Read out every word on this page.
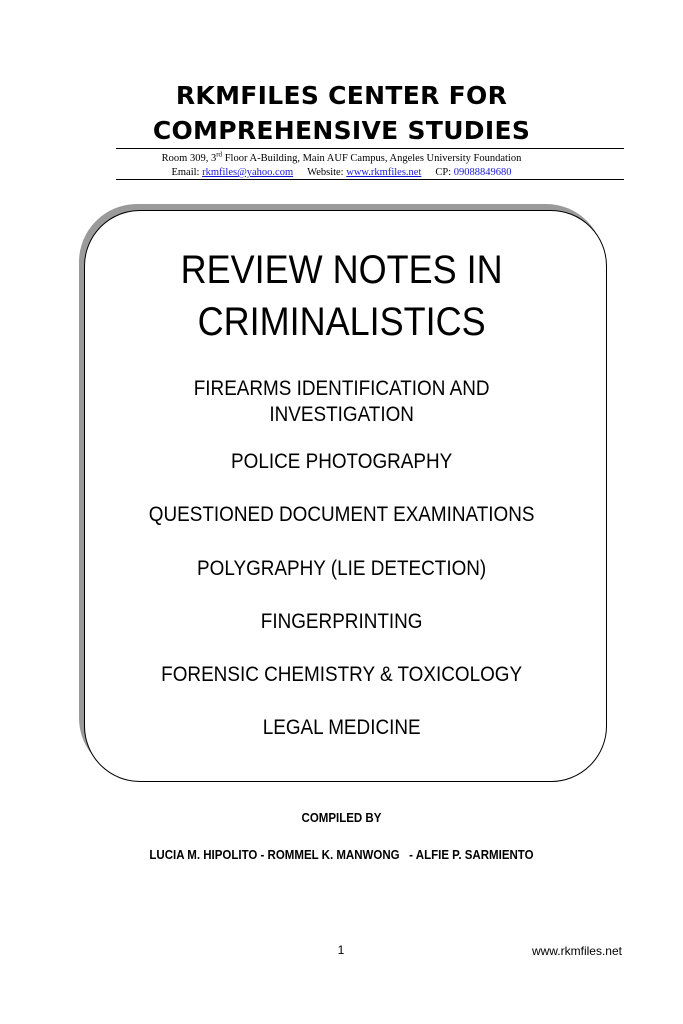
RKMFILES CENTER FOR
COMPREHENSIVE STUDIES
Room 309, 3rd Floor A-Building, Main AUF Campus, Angeles University Foundation
Email: rkmfiles@yahoo.com Website: www.rkmfiles.net CP: 09088849680
REVIEW NOTES IN
CRIMINALISTICS
FIREARMS IDENTIFICATION AND
INVESTIGATION
POLICE PHOTOGRAPHY
QUESTIONED DOCUMENT EXAMINATIONS
POLYGRAPHY (LIE DETECTION)
FINGERPRINTING
FORENSIC CHEMISTRY & TOXICOLOGY
LEGAL MEDICINE
COMPILED BY
LUCIA M. HIPOLITO - ROMMEL K. MANWONG   - ALFIE P. SARMIENTO
1	www.rkmfiles.net
